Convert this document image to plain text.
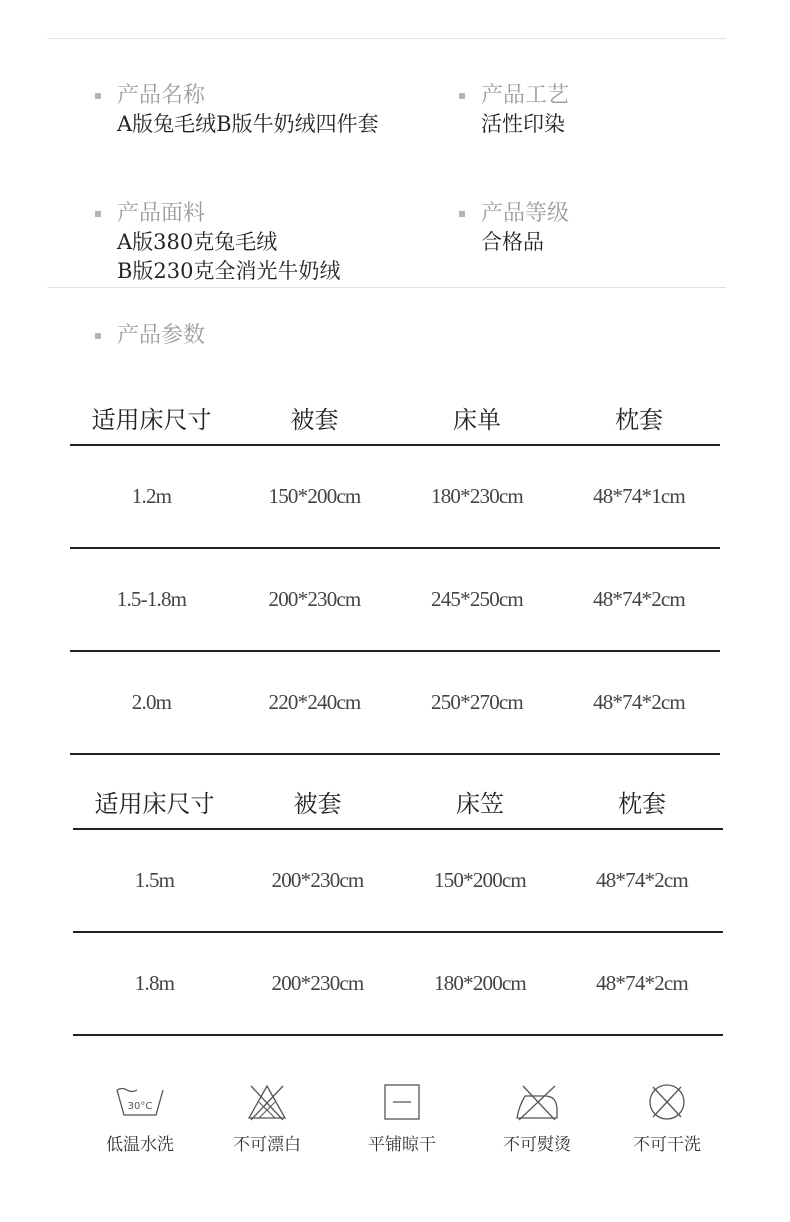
产品名称
A版兔毛绒B版牛奶绒四件套
产品工艺
活性印染
产品面料
A版380克兔毛绒
B版230克全消光牛奶绒
产品等级
合格品
产品参数
适用床尺寸	被套	床单	枕套
1.2m	150*200cm	180*230cm	48*74*1cm
1.5-1.8m	200*230cm	245*250cm	48*74*2cm
2.0m	220*240cm	250*270cm	48*74*2cm
适用床尺寸	被套	床笠	枕套
1.5m	200*230cm	150*200cm	48*74*2cm
1.8m	200*230cm	180*200cm	48*74*2cm
30°C
低温水洗	不可漂白	平铺晾干	不可熨烫	不可干洗
